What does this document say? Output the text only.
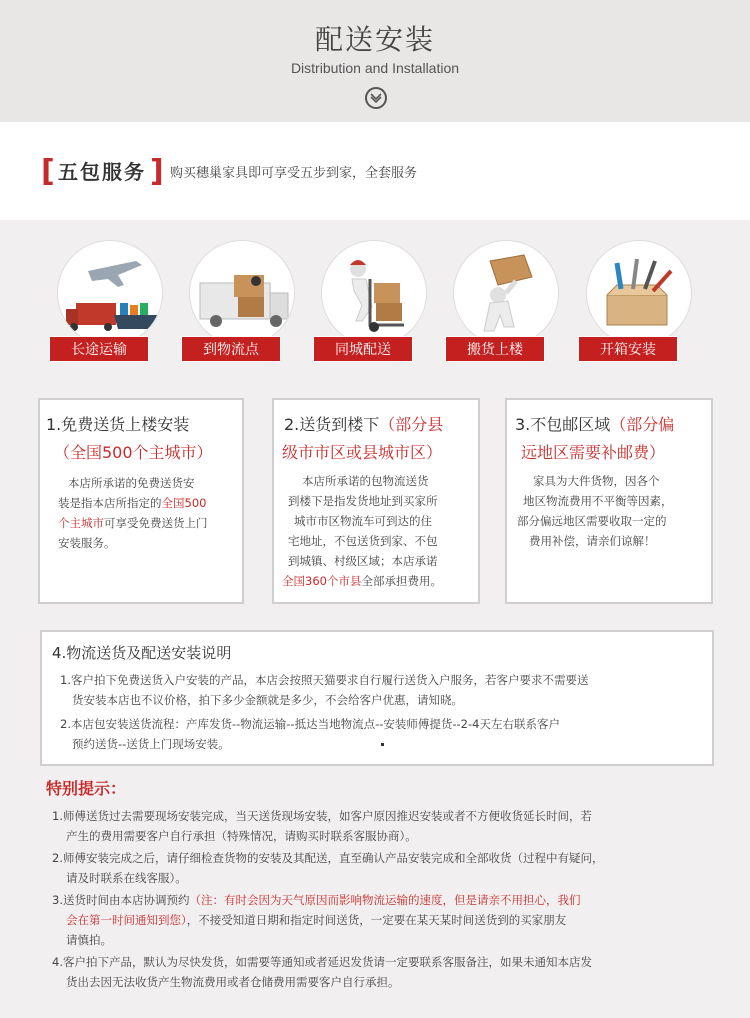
配送安装
Distribution and Installation
[ 五包服务 ] 购买穗巢家具即可享受五步到家，全套服务
长途运输	到物流点	同城配送	搬货上楼	开箱安装
1.免费送货上楼安装
（全国500个主城市）
本店所承诺的免费送货安
装是指本店所指定的全国500
个主城市可享受免费送货上门
安装服务。
2.送货到楼下（部分县
级市市区或县城市区）
本店所承诺的包物流送货
到楼下是指发货地址到买家所
城市市区物流车可到达的住
宅地址，不包送货到家、不包
到城镇、村级区域；本店承诺
全国360个市县全部承担费用。
3.不包邮区域（部分偏
远地区需要补邮费）
家具为大件货物，因各个
地区物流费用不平衡等因素，
部分偏远地区需要收取一定的
费用补偿，请亲们谅解！
4.物流送货及配送安装说明
1.客户拍下免费送货入户安装的产品，本店会按照天猫要求自行履行送货入户服务，若客户要求不需要送
货安装本店也不议价格，拍下多少金额就是多少，不会给客户优惠，请知晓。
2.本店包安装送货流程：产库发货--物流运输--抵达当地物流点--安装师傅提货--2-4天左右联系客户
预约送货--送货上门现场安装。
特别提示：
1.师傅送货过去需要现场安装完成，当天送货现场安装，如客户原因推迟安装或者不方便收货延长时间，若
产生的费用需要客户自行承担（特殊情况，请购买时联系客服协商）。
2.师傅安装完成之后，请仔细检查货物的安装及其配送，直至确认产品安装完成和全部收货（过程中有疑问，
请及时联系在线客服）。
3.送货时间由本店协调预约（注：有时会因为天气原因而影响物流运输的速度，但是请亲不用担心，我们
会在第一时间通知到您），不接受知道日期和指定时间送货，一定要在某天某时间送货到的买家朋友
请慎拍。
4.客户拍下产品，默认为尽快发货，如需要等通知或者延迟发货请一定要联系客服备注，如果未通知本店发
货出去因无法收货产生物流费用或者仓储费用需要客户自行承担。
